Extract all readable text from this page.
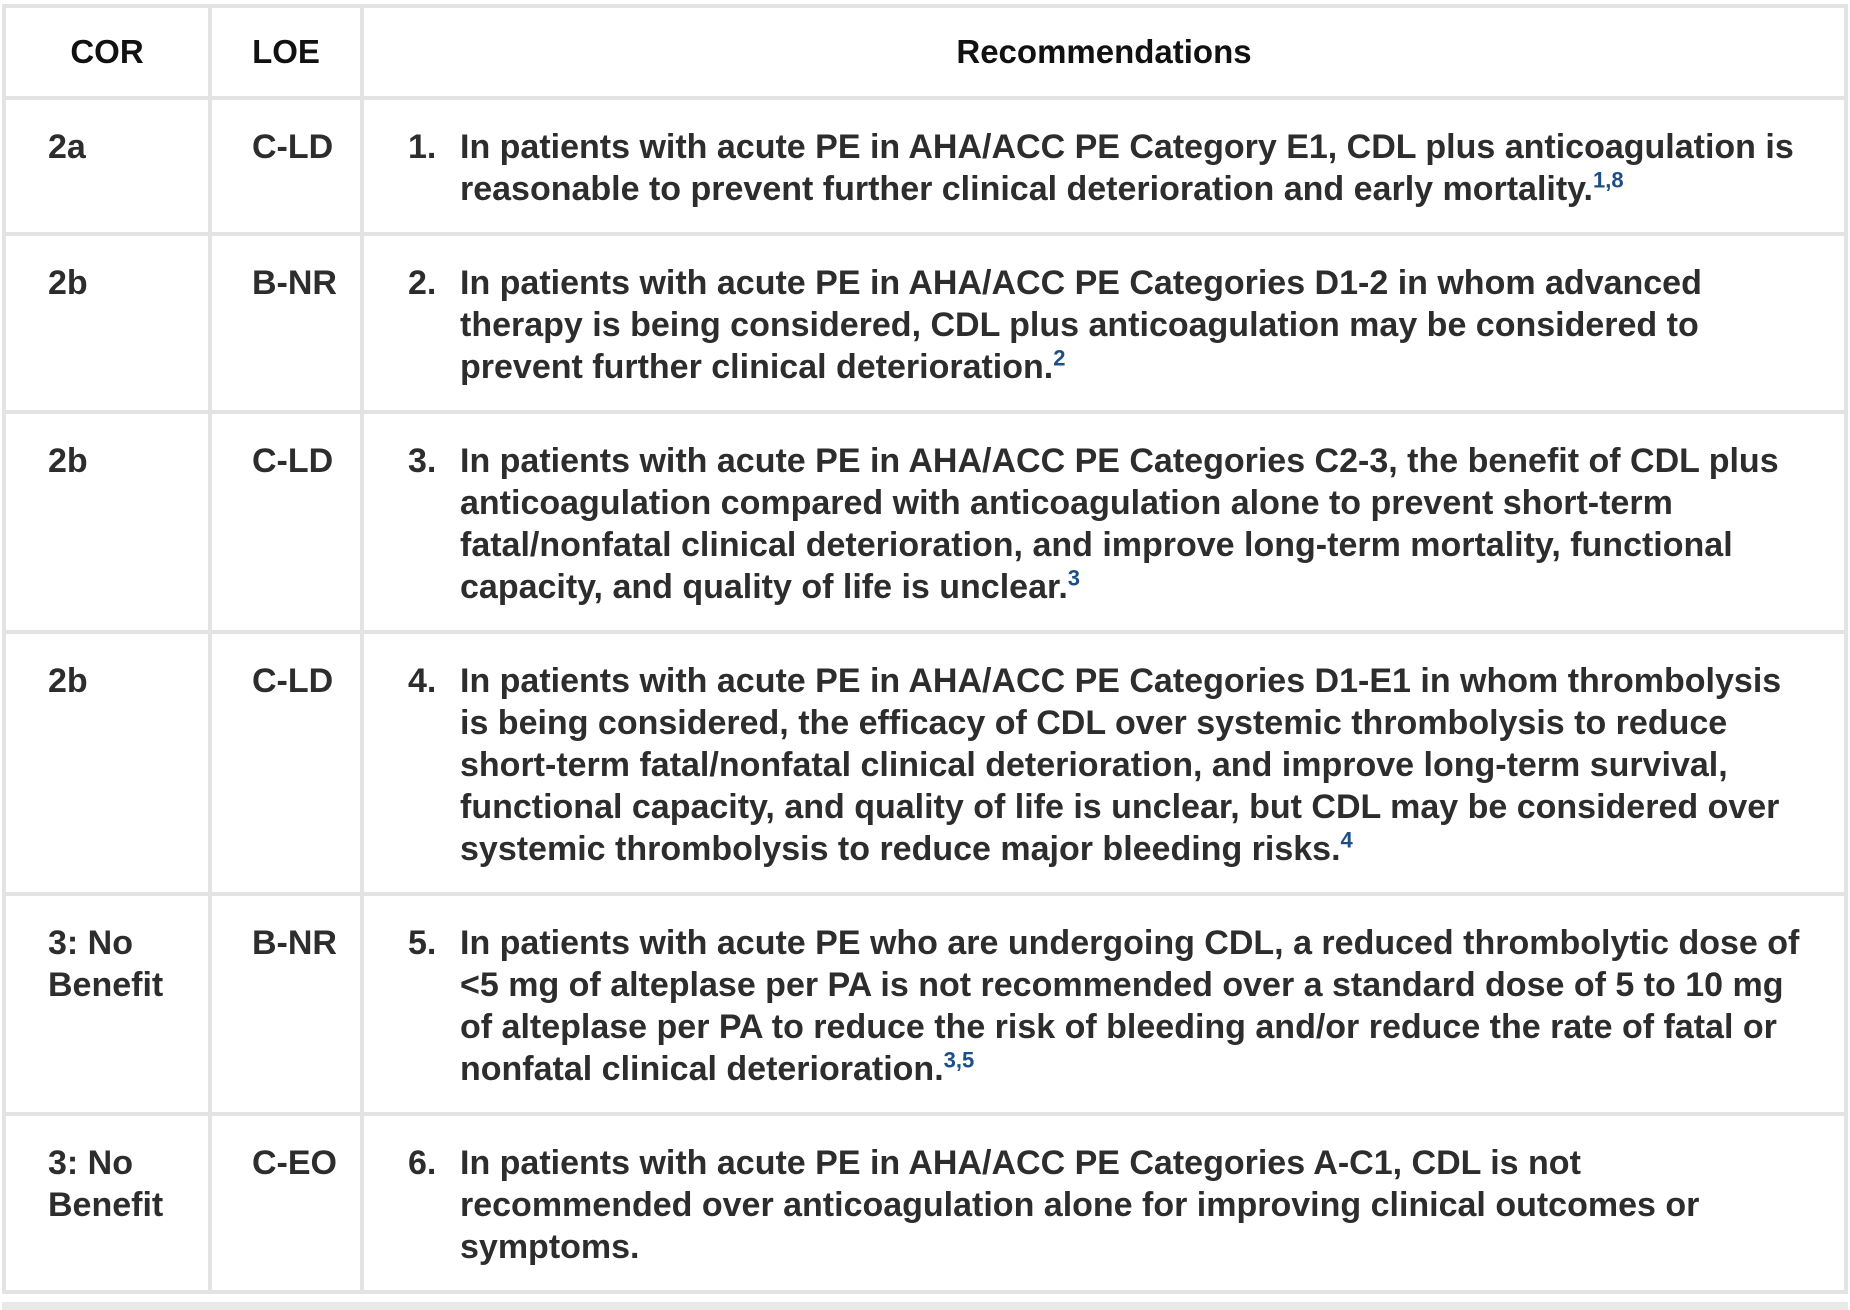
COR	LOE	Recommendations
2a	C-LD	1. In patients with acute PE in AHA/ACC PE Category E1, CDL plus anticoagulation is reasonable to prevent further clinical deterioration and early mortality.$^{1,8}$

2b	B-NR	2. In patients with acute PE in AHA/ACC PE Categories D1-2 in whom advanced therapy is being considered, CDL plus anticoagulation may be considered to prevent further clinical deterioration.$^2$

2b	C-LD	3. In patients with acute PE in AHA/ACC PE Categories C2-3, the benefit of CDL plus anticoagulation compared with anticoagulation alone to prevent short-term fatal/nonfatal clinical deterioration, and improve long-term mortality, functional capacity, and quality of life is unclear.$^3$

2b	C-LD	4. In patients with acute PE in AHA/ACC PE Categories D1-E1 in whom thrombolysis is being considered, the efficacy of CDL over systemic thrombolysis to reduce short-term fatal/nonfatal clinical deterioration, and improve long-term survival, functional capacity, and quality of life is unclear, but CDL may be considered over systemic thrombolysis to reduce major bleeding risks.$^4$

3: No Benefit	B-NR	5. In patients with acute PE who are undergoing CDL, a reduced thrombolytic dose of <5 mg of alteplase per PA is not recommended over a standard dose of 5 to 10 mg of alteplase per PA to reduce the risk of bleeding and/or reduce the rate of fatal or nonfatal clinical deterioration.$^{3,5}$

3: No Benefit	C-EO	6. In patients with acute PE in AHA/ACC PE Categories A-C1, CDL is not recommended over anticoagulation alone for improving clinical outcomes or symptoms.
